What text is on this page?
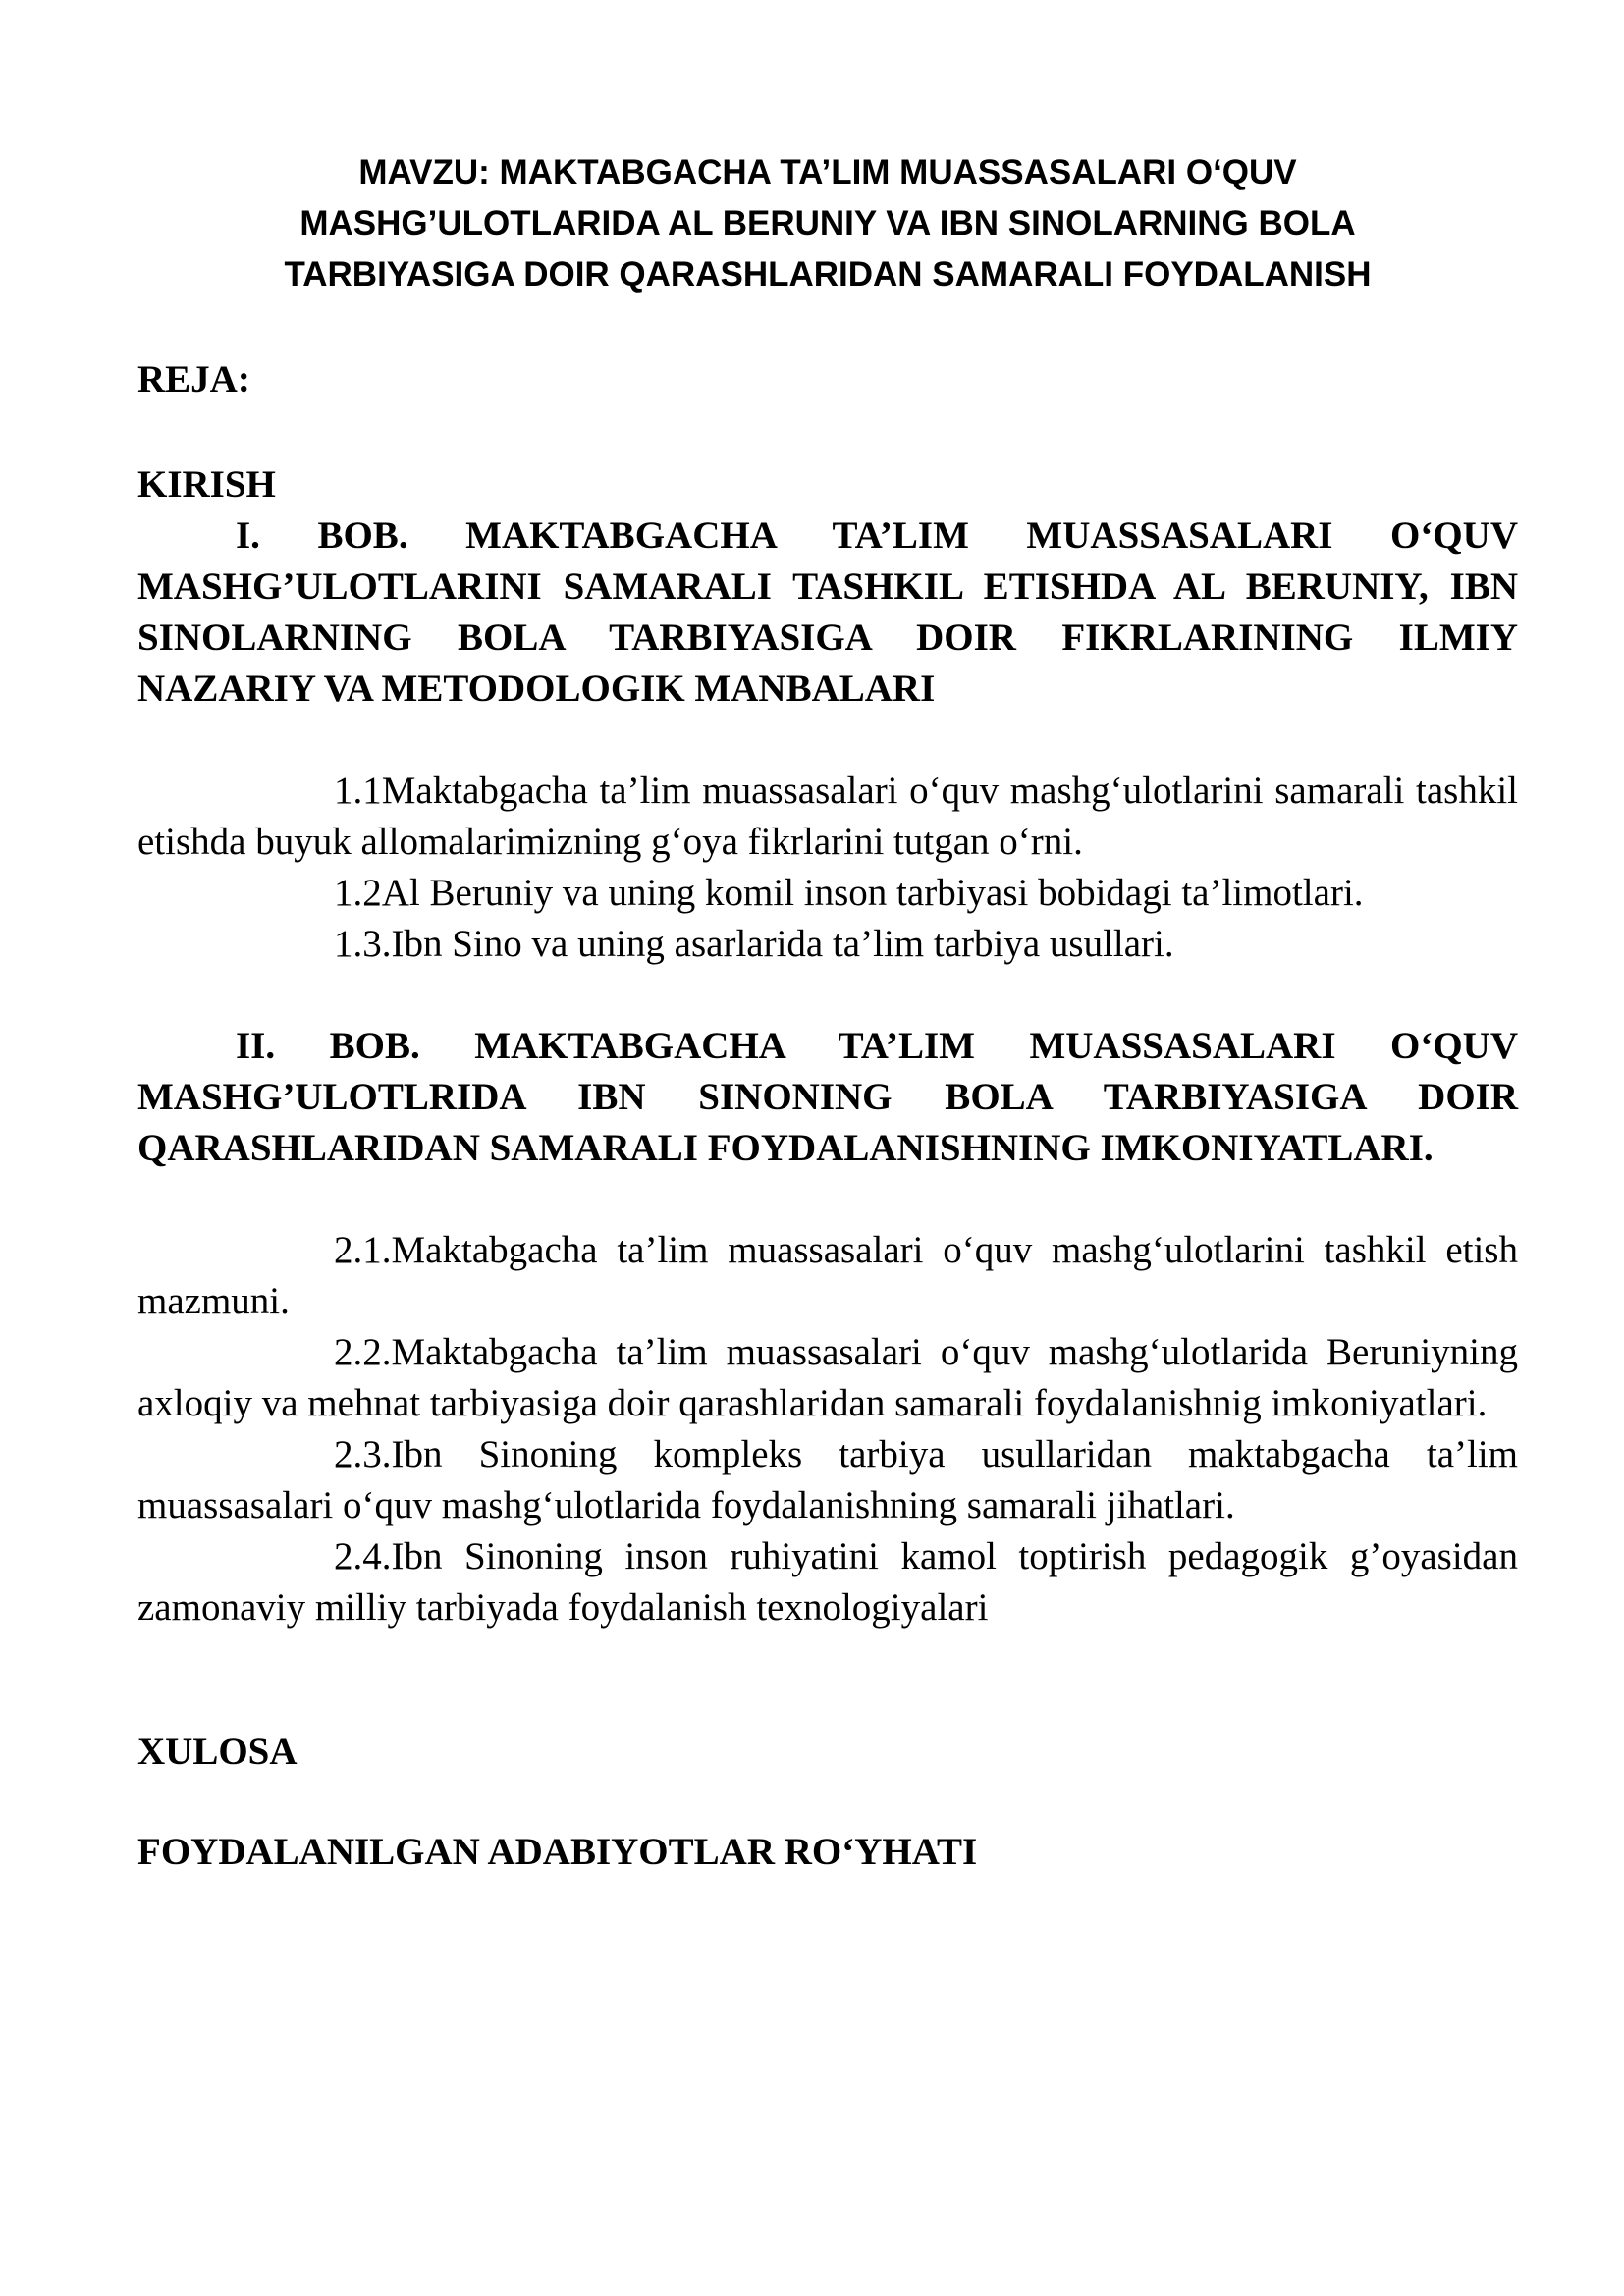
MAVZU: MAKTABGACHA TA’LIM MUASSASALARI O‘QUV MASHG’ULOTLARIDA AL BERUNIY VA IBN SINOLARNING BOLA TARBIYASIGA DOIR QARASHLARIDAN SAMARALI FOYDALANISH

REJA:

KIRISH

I. BOB. MAKTABGACHA TA’LIM MUASSASALARI O‘QUV MASHG’ULOTLARINI SAMARALI TASHKIL ETISHDA AL BERUNIY, IBN SINOLARNING BOLA TARBIYASIGA DOIR FIKRLARINING ILMIY NAZARIY VA METODOLOGIK MANBALARI

1.1Maktabgacha ta’lim muassasalari o‘quv mashg‘ulotlarini samarali tashkil etishda buyuk allomalarimizning g‘oya fikrlarini tutgan o‘rni.

1.2Al Beruniy va uning komil inson tarbiyasi bobidagi ta’limotlari.

1.3.Ibn Sino va uning asarlarida ta’lim tarbiya usullari.

II. BOB. MAKTABGACHA TA’LIM MUASSASALARI O‘QUV MASHG’ULOTLRIDA IBN SINONING BOLA TARBIYASIGA DOIR QARASHLARIDAN SAMARALI FOYDALANISHNING IMKONIYATLARI.

2.1.Maktabgacha ta’lim muassasalari o‘quv mashg‘ulotlarini tashkil etish mazmuni.

2.2.Maktabgacha ta’lim muassasalari o‘quv mashg‘ulotlarida Beruniyning axloqiy va mehnat tarbiyasiga doir qarashlaridan samarali foydalanishnig imkoniyatlari.

2.3.Ibn Sinoning kompleks tarbiya usullaridan maktabgacha ta’lim muassasalari o‘quv mashg‘ulotlarida foydalanishning samarali jihatlari.

2.4.Ibn Sinoning inson ruhiyatini kamol toptirish pedagogik g’oyasidan zamonaviy milliy tarbiyada foydalanish texnologiyalari

XULOSA

FOYDALANILGAN ADABIYOTLAR RO‘YHATI
